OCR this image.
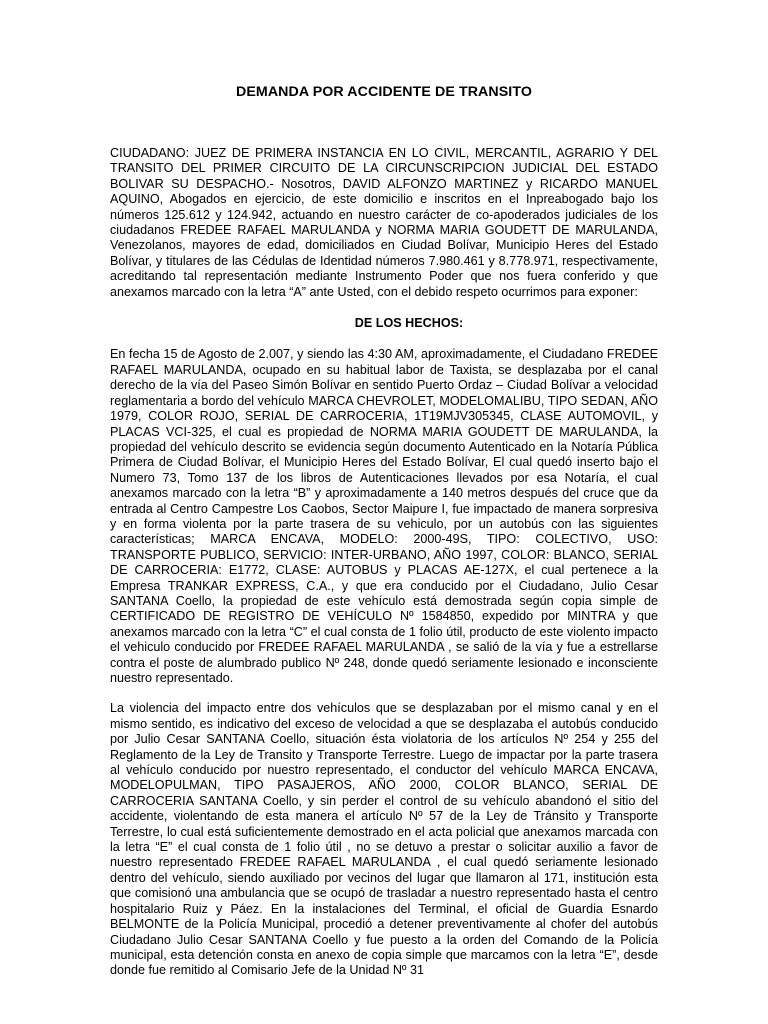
DEMANDA POR ACCIDENTE DE TRANSITO

CIUDADANO: JUEZ DE PRIMERA INSTANCIA EN LO CIVIL, MERCANTIL, AGRARIO Y DEL TRANSITO DEL PRIMER CIRCUITO DE LA CIRCUNSCRIPCION JUDICIAL DEL ESTADO BOLIVAR SU DESPACHO.- Nosotros, DAVID ALFONZO MARTINEZ y RICARDO MANUEL AQUINO, Abogados en ejercicio, de este domicilio e inscritos en el Inpreabogado bajo los números 125.612 y 124.942, actuando en nuestro carácter de co-apoderados judiciales de los ciudadanos FREDEE RAFAEL MARULANDA y NORMA MARIA GOUDETT DE MARULANDA, Venezolanos, mayores de edad, domiciliados en Ciudad Bolívar, Municipio Heres del Estado Bolívar, y titulares de las Cédulas de Identidad números 7.980.461 y 8.778.971, respectivamente, acreditando tal representación mediante Instrumento Poder que nos fuera conferido y que anexamos marcado con la letra “A” ante Usted, con el debido respeto ocurrimos para exponer:

DE LOS HECHOS:

En fecha 15 de Agosto de 2.007, y siendo las 4:30 AM, aproximadamente, el Ciudadano FREDEE RAFAEL MARULANDA, ocupado en su habitual labor de Taxista, se desplazaba por el canal derecho de la vía del Paseo Simón Bolívar en sentido Puerto Ordaz – Ciudad Bolívar a velocidad reglamentaria a bordo del vehículo MARCA CHEVROLET, MODELOMALIBU, TIPO SEDAN, AÑO 1979, COLOR ROJO, SERIAL DE CARROCERIA, 1T19MJV305345, CLASE AUTOMOVIL, y PLACAS VCI-325, el cual es propiedad de NORMA MARIA GOUDETT DE MARULANDA, la propiedad del vehículo descrito se evidencia según documento Autenticado en la Notaría Pública Primera de Ciudad Bolívar, el Municipio Heres del Estado Bolívar, El cual quedó inserto bajo el Numero 73, Tomo 137 de los libros de Autenticaciones llevados por esa Notaría, el cual anexamos marcado con la letra “B” y aproximadamente a 140 metros después del cruce que da entrada al Centro Campestre Los Caobos, Sector Maipure I, fue impactado de manera sorpresiva y en forma violenta por la parte trasera de su vehiculo, por un autobús con las siguientes características; MARCA ENCAVA, MODELO: 2000-49S, TIPO: COLECTIVO, USO: TRANSPORTE PUBLICO, SERVICIO: INTER-URBANO, AÑO 1997, COLOR: BLANCO, SERIAL DE CARROCERIA: E1772, CLASE: AUTOBUS y PLACAS AE-127X, el cual pertenece a la Empresa TRANKAR EXPRESS, C.A., y que era conducido por el Ciudadano, Julio Cesar SANTANA Coello, la propiedad de este vehículo está demostrada según copia simple de CERTIFICADO DE REGISTRO DE VEHÍCULO Nº 1584850, expedido por MINTRA y que anexamos marcado con la letra “C” el cual consta de 1 folio útil, producto de este violento impacto el vehiculo conducido por FREDEE RAFAEL MARULANDA , se salió de la vía y fue a estrellarse contra el poste de alumbrado publico Nº 248, donde quedó seriamente lesionado e inconsciente nuestro representado.

La violencia del impacto entre dos vehículos que se desplazaban por el mismo canal y en el mismo sentido, es indicativo del exceso de velocidad a que se desplazaba el autobús conducido por Julio Cesar SANTANA Coello, situación ésta violatoria de los artículos Nº 254 y 255 del Reglamento de la Ley de Transito y Transporte Terrestre. Luego de impactar por la parte trasera al vehículo conducido por nuestro representado, el conductor del vehículo MARCA ENCAVA, MODELOPULMAN, TIPO PASAJEROS, AÑO 2000, COLOR BLANCO, SERIAL DE CARROCERIA SANTANA Coello, y sin perder el control de su vehículo abandonó el sitio del accidente, violentando de esta manera el artículo Nº 57 de la Ley de Tránsito y Transporte Terrestre, lo cual está suficientemente demostrado en el acta policial que anexamos marcada con la letra “E” el cual consta de 1 folio útil , no se detuvo a prestar o solicitar auxilio a favor de nuestro representado FREDEE RAFAEL MARULANDA , el cual quedó seriamente lesionado dentro del vehículo, siendo auxiliado por vecinos del lugar que llamaron al 171, institución esta que comisionó una ambulancia que se ocupó de trasladar a nuestro representado hasta el centro hospitalario Ruiz y Páez. En la instalaciones del Terminal, el oficial de Guardia Esnardo BELMONTE de la Policía Municipal, procedió a detener preventivamente al chofer del autobús Ciudadano Julio Cesar SANTANA Coello y fue puesto a la orden del Comando de la Policía municipal, esta detención consta en anexo de copia simple que marcamos con la letra “E”, desde donde fue remitido al Comisario Jefe de la Unidad Nº 31
